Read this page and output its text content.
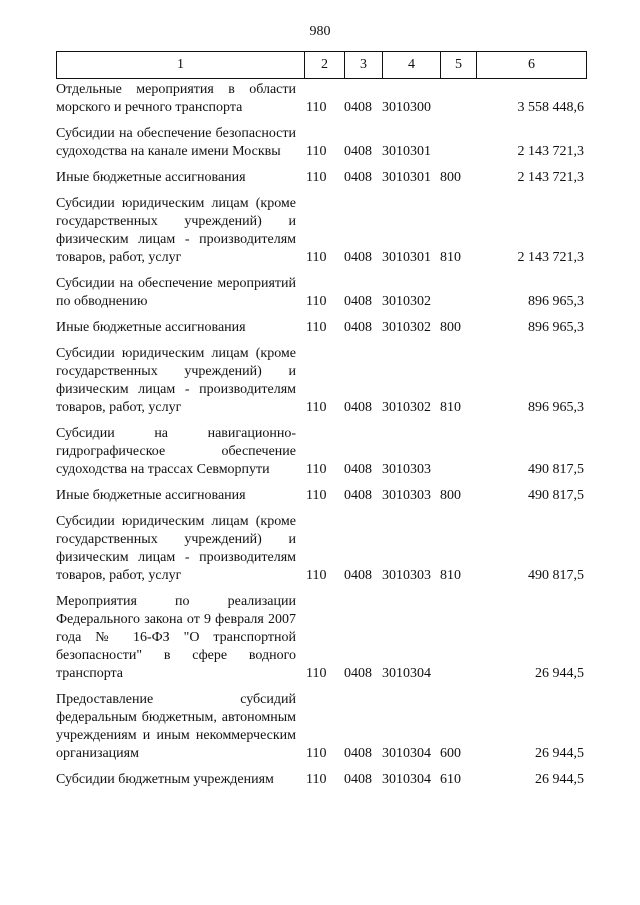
980
1	2	3	4	5	6
Отдельные мероприятия в области морского и речного транспорта	110	0408	3010300		3 558 448,6
Субсидии на обеспечение безопасности судоходства на канале имени Москвы	110	0408	3010301		2 143 721,3
Иные бюджетные ассигнования	110	0408	3010301	800	2 143 721,3
Субсидии юридическим лицам (кроме государственных учреждений) и физическим лицам - производителям товаров, работ, услуг	110	0408	3010301	810	2 143 721,3
Субсидии на обеспечение мероприятий по обводнению	110	0408	3010302		896 965,3
Иные бюджетные ассигнования	110	0408	3010302	800	896 965,3
Субсидии юридическим лицам (кроме государственных учреждений) и физическим лицам - производителям товаров, работ, услуг	110	0408	3010302	810	896 965,3
Субсидии на навигационно-гидрографическое обеспечение судоходства на трассах Севморпути	110	0408	3010303		490 817,5
Иные бюджетные ассигнования	110	0408	3010303	800	490 817,5
Субсидии юридическим лицам (кроме государственных учреждений) и физическим лицам - производителям товаров, работ, услуг	110	0408	3010303	810	490 817,5
Мероприятия по реализации Федерального закона от 9 февраля 2007 года № 16-ФЗ "О транспортной безопасности" в сфере водного транспорта	110	0408	3010304		26 944,5
Предоставление субсидий федеральным бюджетным, автономным учреждениям и иным некоммерческим организациям	110	0408	3010304	600	26 944,5
Субсидии бюджетным учреждениям	110	0408	3010304	610	26 944,5
